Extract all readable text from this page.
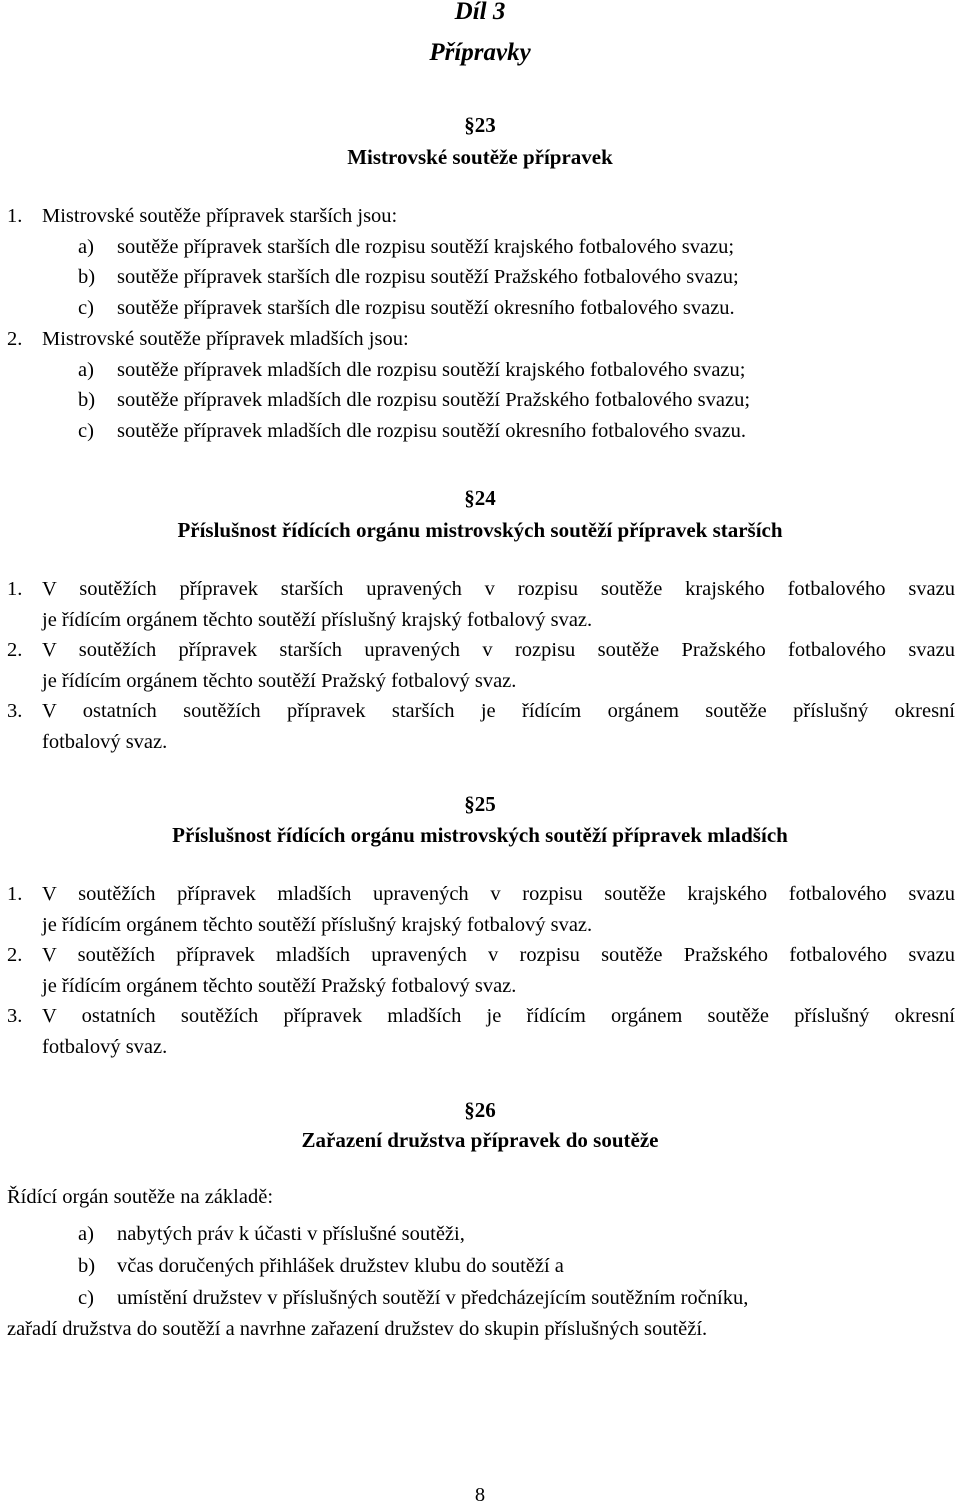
Díl 3
Přípravky
§23
Mistrovské soutěže přípravek
1. Mistrovské soutěže přípravek starších jsou:
a) soutěže přípravek starších dle rozpisu soutěží krajského fotbalového svazu;
b) soutěže přípravek starších dle rozpisu soutěží Pražského fotbalového svazu;
c) soutěže přípravek starších dle rozpisu soutěží okresního fotbalového svazu.
2. Mistrovské soutěže přípravek mladších jsou:
a) soutěže přípravek mladších dle rozpisu soutěží krajského fotbalového svazu;
b) soutěže přípravek mladších dle rozpisu soutěží Pražského fotbalového svazu;
c) soutěže přípravek mladších dle rozpisu soutěží okresního fotbalového svazu.
§24
Příslušnost řídících orgánu mistrovských soutěží přípravek starších
1. V soutěžích přípravek starších upravených v rozpisu soutěže krajského fotbalového svazu
je řídícím orgánem těchto soutěží příslušný krajský fotbalový svaz.
2. V soutěžích přípravek starších upravených v rozpisu soutěže Pražského fotbalového svazu
je řídícím orgánem těchto soutěží Pražský fotbalový svaz.
3. V ostatních soutěžích přípravek starších je řídícím orgánem soutěže příslušný okresní
fotbalový svaz.
§25
Příslušnost řídících orgánu mistrovských soutěží přípravek mladších
1. V soutěžích přípravek mladších upravených v rozpisu soutěže krajského fotbalového svazu
je řídícím orgánem těchto soutěží příslušný krajský fotbalový svaz.
2. V soutěžích přípravek mladších upravených v rozpisu soutěže Pražského fotbalového svazu
je řídícím orgánem těchto soutěží Pražský fotbalový svaz.
3. V ostatních soutěžích přípravek mladších je řídícím orgánem soutěže příslušný okresní
fotbalový svaz.
§26
Zařazení družstva přípravek do soutěže
Řídící orgán soutěže na základě:
a) nabytých práv k účasti v příslušné soutěži,
b) včas doručených přihlášek družstev klubu do soutěží a
c) umístění družstev v příslušných soutěží v předcházejícím soutěžním ročníku,
zařadí družstva do soutěží a navrhne zařazení družstev do skupin příslušných soutěží.
8
